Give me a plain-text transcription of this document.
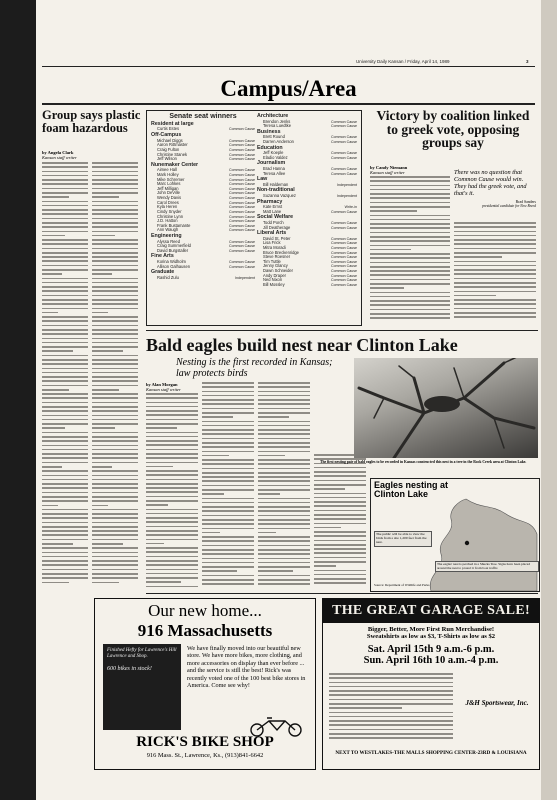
University Daily Kansan / Friday, April 14, 1989	3
Campus/Area
Group says plastic foam hazardous
by Angela Clark
Kansan staff writer
Senate seat winners
Resident at large
Curtis Estes	Common Cause
Off-Campus
Michael Diggs	Common Cause
Aaron Rittmaster	Common Cause
Craig Fulton	Common Cause
Christine Stanek	Common Cause
Jeff Wilson	Common Cause
Nunemaker Center
Aimee Hall	Common Cause
Mark Holley	Common Cause
Mike Schremer	Common Cause
Marc Lohkes	Common Cause
Jeff Milligan	Common Cause
John DeVille	Common Cause
Wendy Davis	Common Cause
Carol Drees	Common Cause
Kyla Heren	Common Cause
Cindy Snyder	Common Cause
Christine Lynn	Common Cause
J.D. Hatton	Common Cause
Frank Bustamante	Common Cause
Ann Waugh	Common Cause
Engineering
Alyssa Reed	Common Cause
Craig Summerfield	Common Cause
David Burgstaller	Common Cause
Fine Arts
Korina Widholm	Common Cause
Allison Galhausen	Common Cause
Graduate
Rashid Zulu	Independent
Architecture
Brendon Jenks	Common Cause
Teresa Luedtke	Common Cause
Business
Brett Round	Common Cause
Darren Anderson	Common Cause
Education
Jeff Koeple	Common Cause
Eladio Valdez	Common Cause
Journalism
Brad Hanna	Common Cause
Teresa Allee	Common Cause
Law
Bill Haldeman	Independent
Non-traditional
Suzanna Vazquez	Independent
Pharmacy
Kate Ernst	Write-in
Matt Lane	Common Cause
Social Welfare
Todd Porch	Common Cause
Jill Deatherage	Common Cause
Liberal Arts
David St. Peter	Common Cause
Lisa Frick	Common Cause
Mitra Moradi	Common Cause
Bruce Breckenridge	Common Cause
Steve Roesner	Common Cause
Tim Tuttle	Common Cause
Jenny Glancy	Common Cause
Dawn Schneider	Common Cause
Andy Draper	Common Cause
Ned Nixon	Common Cause
Bill Mossley	Common Cause
Victory by coalition linked to greek vote, opposing groups say
by Candy Niemann
Kansan staff writer	There was no question that Common Cause would win. They had the greek vote, and that's it.
Brad Sanders
presidential candidate for New Breed
Bald eagles build nest near Clinton Lake
Nesting is the first recorded in Kansas; law protects birds
by Alan Morgan
Kansan staff writer
The first nesting pair of bald eagles to be recorded in Kansas constructed this nest in a tree in the Rock Creek area at Clinton Lake.
Eagles nesting at Clinton Lake
The public will be able to view the birds from a site 1,200 feet from the nest.
The eagles' nest is perched in a Shucks Tree. Signs have been placed around the nest to protect it from boat traffic.
Source: Department of Wildlife and Parks
Our new home...
916 Massachusetts
Finished Hefty for Lawrence's Hill Lawrence and Shop.
600 bikes in stock!
We have finally moved into our beautiful new store. We have more bikes, more clothing, and more accessories on display than ever before ... and the service is still the best! Rick's was recently voted one of the 100 best bike stores in America. Come see why!
RICK'S BIKE SHOP
916 Mass. St., Lawrence, Ks., (913)841-6642
THE GREAT GARAGE SALE!
Bigger, Better, More First Run Merchandise!
Sweatshirts as low as $3, T-Shirts as low as $2
Sat. April 15th 9 a.m.-6 p.m.
Sun. April 16th 10 a.m.-4 p.m.
J&H Sportswear, Inc.
NEXT TO WESTLAKES-THE MALLS SHOPPING CENTER-23RD & LOUISIANA
